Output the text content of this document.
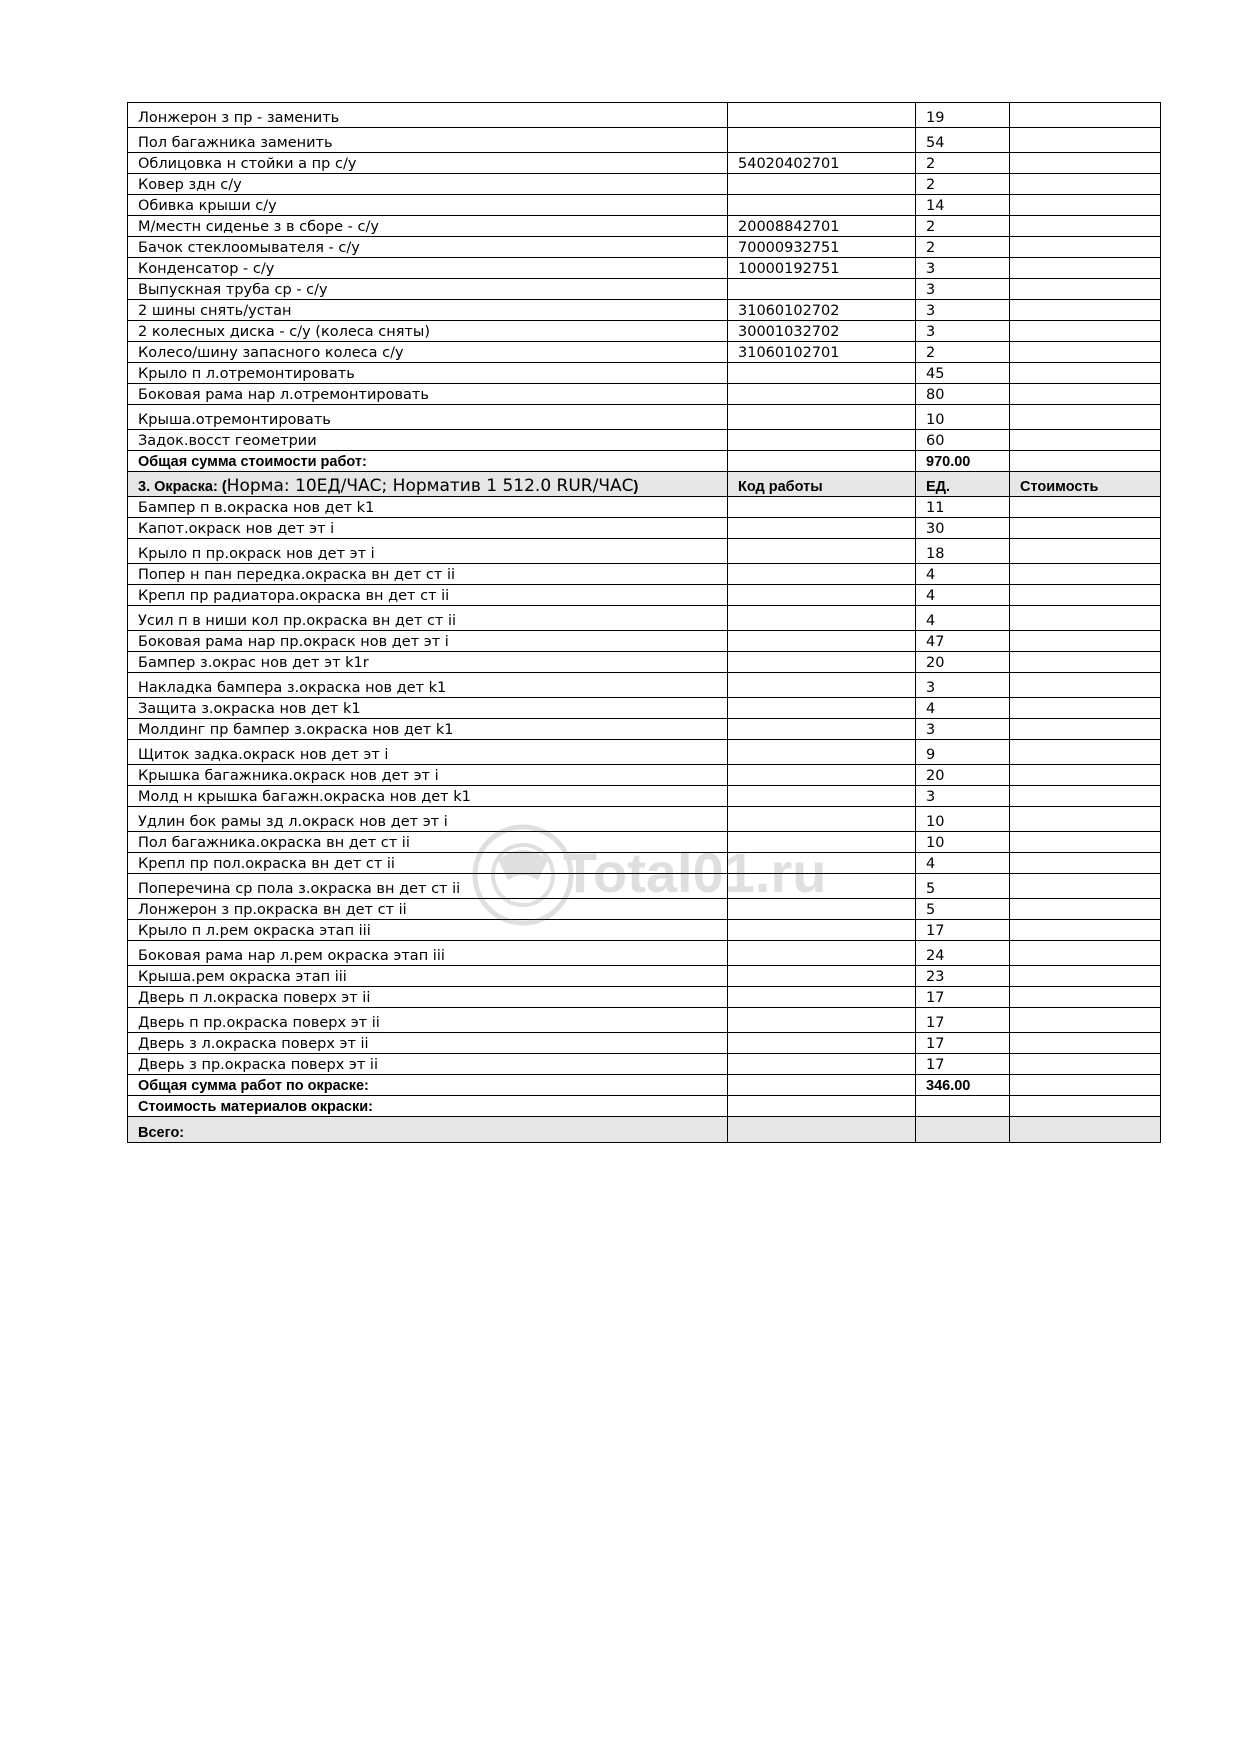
Лонжерон з пр - заменить		19	
Пол багажника заменить		54	
Облицовка н стойки а пр с/у	54020402701	2	
Ковер здн с/у		2	
Обивка крыши с/у		14	
М/местн сиденье з в сборе - с/у	20008842701	2	
Бачок стеклоомывателя - с/у	70000932751	2	
Конденсатор - с/у	10000192751	3	
Выпускная труба ср - с/у		3	
2 шины снять/устан	31060102702	3	
2 колесных диска - с/у (колеса сняты)	30001032702	3	
Колесо/шину запасного колеса с/у	31060102701	2	
Крыло п л.отремонтировать		45	
Боковая рама нар л.отремонтировать		80	
Крыша.отремонтировать		10	
Задок.восст геометрии		60	
Общая сумма стоимости работ:		970.00	
3. Окраска: (Норма: 10ЕД/ЧАС; Норматив 1 512.0 RUR/ЧАС)	Код работы	ЕД.	Стоимость
Бампер п в.окраска нов дет k1		11	
Капот.окраск нов дет эт i		30	
Крыло п пр.окраск нов дет эт i		18	
Попер н пан передка.окраска вн дет ст ii		4	
Крепл пр радиатора.окраска вн дет ст ii		4	
Усил п в ниши кол пр.окраска вн дет ст ii		4	
Боковая рама нар пр.окраск нов дет эт i		47	
Бампер з.окрас нов дет эт k1r		20	
Накладка бампера з.окраска нов дет k1		3	
Защита з.окраска нов дет k1		4	
Молдинг пр бампер з.окраска нов дет k1		3	
Щиток задка.окраск нов дет эт i		9	
Крышка багажника.окраск нов дет эт i		20	
Молд н крышка багажн.окраска нов дет k1		3	
Удлин бок рамы зд л.окраск нов дет эт i		10	
Пол багажника.окраска вн дет ст ii		10	
Крепл пр пол.окраска вн дет ст ii		4	
Поперечина ср пола з.окраска вн дет ст ii		5	
Лонжерон з пр.окраска вн дет ст ii		5	
Крыло п л.рем окраска этап iii		17	
Боковая рама нар л.рем окраска этап iii		24	
Крыша.рем окраска этап iii		23	
Дверь п л.окраска поверх эт ii		17	
Дверь п пр.окраска поверх эт ii		17	
Дверь з л.окраска поверх эт ii		17	
Дверь з пр.окраска поверх эт ii		17	
Общая сумма работ по окраске:		346.00	
Стоимость материалов окраски:			
Всего:			
Total01.ru
